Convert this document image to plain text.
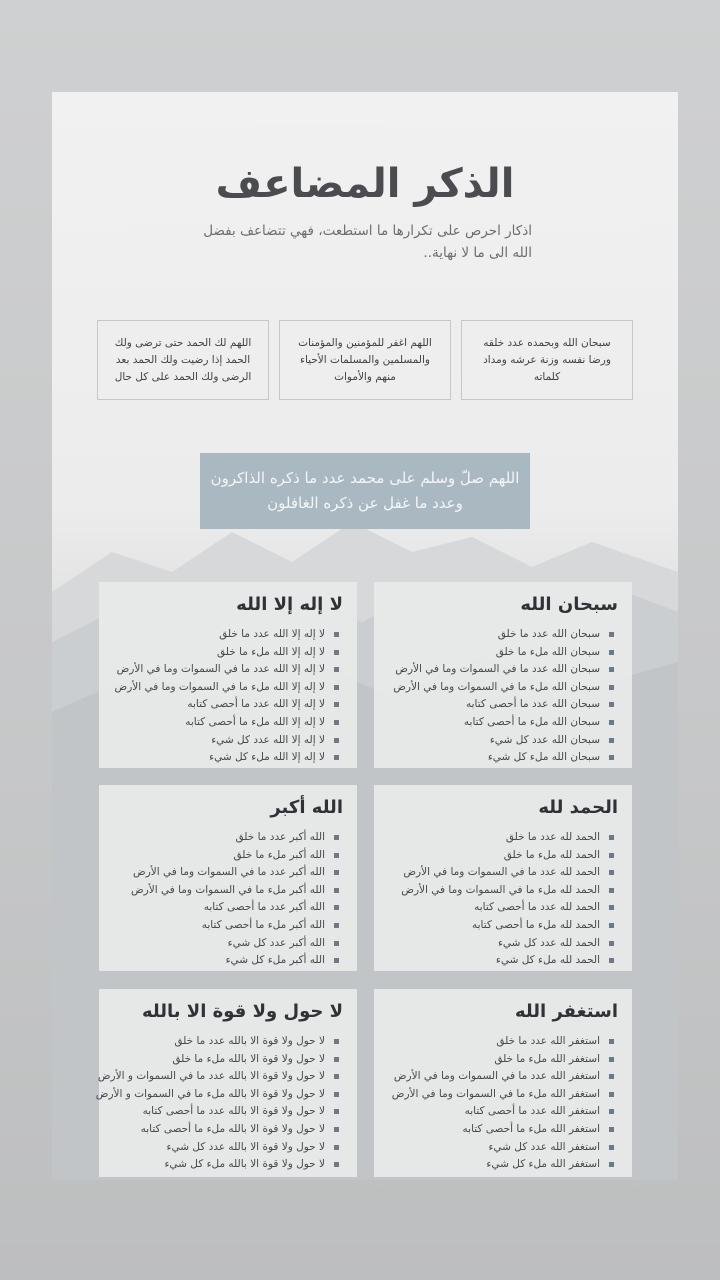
الذكر المضاعف
اذكار احرص على تكرارها ما استطعت، فهي تتضاعف بفضل الله الى ما لا نهاية..
سبحان الله وبحمده عدد خلقه ورضا نفسه وزنة عرشه ومداد كلماته
اللهم اغفر للمؤمنين والمؤمنات والمسلمين والمسلمات الأحياء منهم والأموات
اللهم لك الحمد حتى ترضى ولك الحمد إذا رضيت ولك الحمد بعد الرضى ولك الحمد على كل حال
اللهم صلّ وسلم على محمد عدد ما ذكره الذاكرون وعدد ما غفل عن ذكره الغافلون
سبحان الله
سبحان الله عدد ما خلق
سبحان الله ملء ما خلق
سبحان الله عدد ما في السموات وما في الأرض
سبحان الله ملء ما في السموات وما في الأرض
سبحان الله عدد ما أحصى كتابه
سبحان الله ملء ما أحصى كتابه
سبحان الله عدد كل شيء
سبحان الله ملء كل شيء
لا إله إلا الله
لا إله إلا الله عدد ما خلق
لا إله إلا الله ملء ما خلق
لا إله إلا الله عدد ما في السموات وما في الأرض
لا إله إلا الله ملء ما في السموات وما في الأرض
لا إله إلا الله عدد ما أحصى كتابه
لا إله إلا الله ملء ما أحصى كتابه
لا إله إلا الله عدد كل شيء
لا إله إلا الله ملء كل شيء
الحمد لله
الحمد لله عدد ما خلق
الحمد لله ملء ما خلق
الحمد لله عدد ما في السموات وما في الأرض
الحمد لله ملء ما في السموات وما في الأرض
الحمد لله عدد ما أحصى كتابه
الحمد لله ملء ما أحصى كتابه
الحمد لله عدد كل شيء
الحمد لله ملء كل شيء
الله أكبر
الله أكبر عدد ما خلق
الله أكبر ملء ما خلق
الله أكبر عدد ما في السموات وما في الأرض
الله أكبر ملء ما في السموات وما في الأرض
الله أكبر عدد ما أحصى كتابه
الله أكبر ملء ما أحصى كتابه
الله أكبر عدد كل شيء
الله أكبر ملء كل شيء
استغفر الله
استغفر الله عدد ما خلق
استغفر الله ملء ما خلق
استغفر الله عدد ما في السموات وما في الأرض
استغفر الله ملء ما في السموات وما في الأرض
استغفر الله عدد ما أحصى كتابه
استغفر الله ملء ما أحصى كتابه
استغفر الله عدد كل شيء
استغفر الله ملء كل شيء
لا حول ولا قوة الا بالله
لا حول ولا قوة الا بالله عدد ما خلق
لا حول ولا قوة الا بالله ملء ما خلق
لا حول ولا قوة الا بالله عدد ما في السموات و الأرض
لا حول ولا قوة الا بالله ملء ما في السموات و الأرض
لا حول ولا قوة الا بالله عدد ما أحصى كتابه
لا حول ولا قوة الا بالله ملء ما أحصى كتابه
لا حول ولا قوة الا بالله عدد كل شيء
لا حول ولا قوة الا بالله ملء كل شيء
